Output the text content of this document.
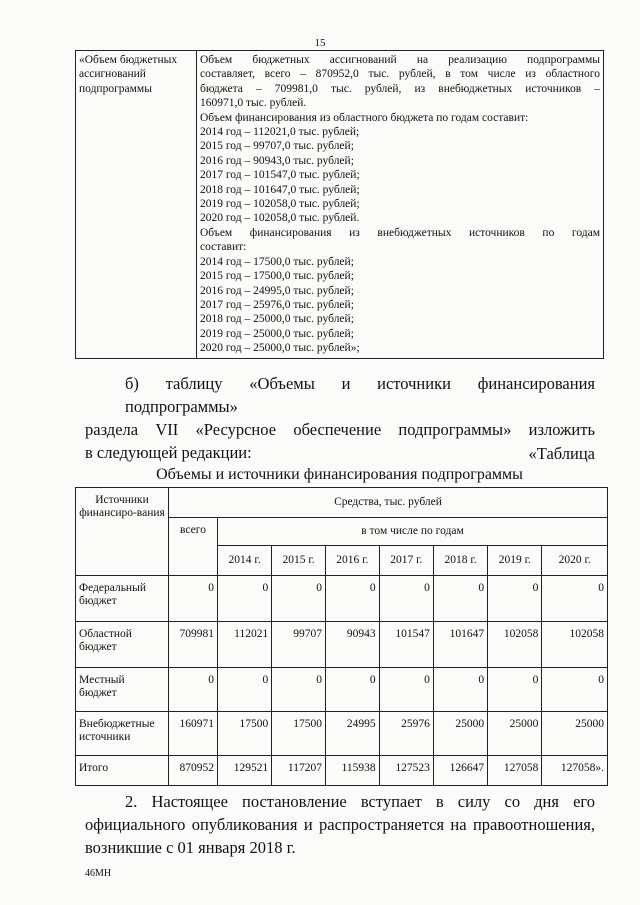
15
«Объем бюджетных ассигнований подпрограммы	
Объем бюджетных ассигнований на реализацию подпрограммы
составляет, всего – 870952,0 тыс. рублей, в том числе из областного
бюджета – 709981,0 тыс. рублей, из внебюджетных источников –
160971,0 тыс. рублей.
Объем финансирования из областного бюджета по годам составит:
2014 год – 112021,0 тыс. рублей;
2015 год – 99707,0 тыс. рублей;
2016 год – 90943,0 тыс. рублей;
2017 год – 101547,0 тыс. рублей;
2018 год – 101647,0 тыс. рублей;
2019 год – 102058,0 тыс. рублей;
2020 год – 102058,0 тыс. рублей.
Объем финансирования из внебюджетных источников по годам
составит:
2014 год – 17500,0 тыс. рублей;
2015 год – 17500,0 тыс. рублей;
2016 год – 24995,0 тыс. рублей;
2017 год – 25976,0 тыс. рублей;
2018 год – 25000,0 тыс. рублей;
2019 год – 25000,0 тыс. рублей;
2020 год – 25000,0 тыс. рублей»;
б) таблицу «Объемы и источники финансирования подпрограммы»
раздела VII «Ресурсное обеспечение подпрограммы» изложить
в следующей редакции:	«Таблица
Объемы и источники финансирования подпрограммы
Источники финансиро-вания	Средства, тыс. рублей							
	всего	в том числе по годам						
		2014 г.	2015 г.	2016 г.	2017 г.	2018 г.	2019 г.	2020 г.
Федеральный бюджет	0	0	0	0	0	0	0	0
Областной бюджет	709981	112021	99707	90943	101547	101647	102058	102058
Местный бюджет	0	0	0	0	0	0	0	0
Внебюджетные источники	160971	17500	17500	24995	25976	25000	25000	25000
Итого	870952	129521	117207	115938	127523	126647	127058	127058».
2. Настоящее постановление вступает в силу со дня его
официального опубликования и распространяется на правоотношения,
возникшие с 01 января 2018 г.
46МН
